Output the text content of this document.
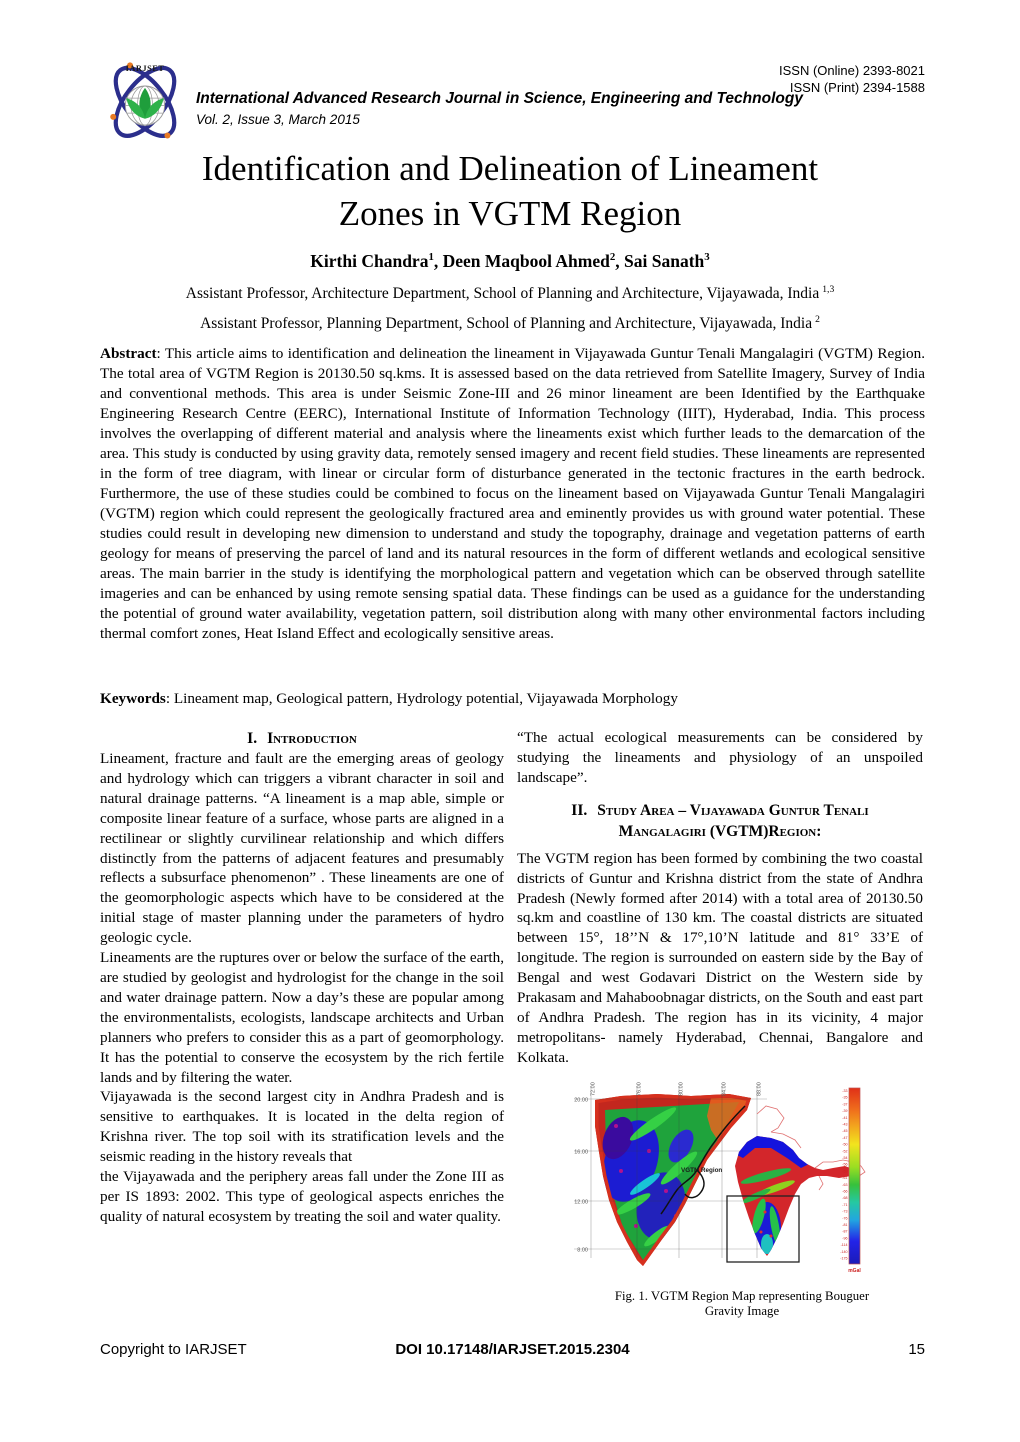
IARJSET	ISSN (Online) 2393-8021
ISSN (Print) 2394-1588
International Advanced Research Journal in Science, Engineering and Technology
Vol. 2, Issue 3, March 2015
Identification and Delineation of Lineament Zones in VGTM Region
Kirthi Chandra$^1$, Deen Maqbool Ahmed$^2$, Sai Sanath$^3$
Assistant Professor, Architecture Department, School of Planning and Architecture, Vijayawada, India $^{1,3}$
Assistant Professor, Planning Department, School of Planning and Architecture, Vijayawada, India $^2$
Abstract: This article aims to identification and delineation the lineament in Vijayawada Guntur Tenali Mangalagiri (VGTM) Region. The total area of VGTM Region is 20130.50 sq.kms. It is assessed based on the data retrieved from Satellite Imagery, Survey of India and conventional methods. This area is under Seismic Zone-III and 26 minor lineament are been Identified by the Earthquake Engineering Research Centre (EERC), International Institute of Information Technology (IIIT), Hyderabad, India. This process involves the overlapping of different material and analysis where the lineaments exist which further leads to the demarcation of the area. This study is conducted by using gravity data, remotely sensed imagery and recent field studies. These lineaments are represented in the form of tree diagram, with linear or circular form of disturbance generated in the tectonic fractures in the earth bedrock. Furthermore, the use of these studies could be combined to focus on the lineament based on Vijayawada Guntur Tenali Mangalagiri (VGTM) region which could represent the geologically fractured area and eminently provides us with ground water potential. These studies could result in developing new dimension to understand and study the topography, drainage and vegetation patterns of earth geology for means of preserving the parcel of land and its natural resources in the form of different wetlands and ecological sensitive areas. The main barrier in the study is identifying the morphological pattern and vegetation which can be observed through satellite imageries and can be enhanced by using remote sensing spatial data. These findings can be used as a guidance for the understanding the potential of ground water availability, vegetation pattern, soil distribution along with many other environmental factors including thermal comfort zones, Heat Island Effect and ecologically sensitive areas.
Keywords: Lineament map, Geological pattern, Hydrology potential, Vijayawada Morphology
I. Introduction

Lineament, fracture and fault are the emerging areas of geology and hydrology which can triggers a vibrant character in soil and natural drainage patterns. “A lineament is a map able, simple or composite linear feature of a surface, whose parts are aligned in a rectilinear or slightly curvilinear relationship and which differs distinctly from the patterns of adjacent features and presumably reflects a subsurface phenomenon” . These lineaments are one of the geomorphologic aspects which have to be considered at the initial stage of master planning under the parameters of hydro geologic cycle.

Lineaments are the ruptures over or below the surface of the earth, are studied by geologist and hydrologist for the change in the soil and water drainage pattern. Now a day’s these are popular among the environmentalists, ecologists, landscape architects and Urban planners who prefers to consider this as a part of geomorphology. It has the potential to conserve the ecosystem by the rich fertile lands and by filtering the water.

Vijayawada is the second largest city in Andhra Pradesh and is sensitive to earthquakes. It is located in the delta region of Krishna river. The top soil with its stratification levels and the seismic reading in the history reveals that

the Vijayawada and the periphery areas fall under the Zone III as per IS 1893: 2002. This type of geological aspects enriches the quality of natural ecosystem by treating the soil and water quality.

“The actual ecological measurements can be considered by studying the lineaments and physiology of an unspoiled landscape”.

II. Study Area – Vijayawada Guntur Tenali Mangalagiri (VGTM)Region:

The VGTM region has been formed by combining the two coastal districts of Guntur and Krishna district from the state of Andhra Pradesh (Newly formed after 2014) with a total area of 20130.50 sq.km and coastline of 130 km. The coastal districts are situated between 15°, 18’’N & 17°,10’N latitude and 81° 33’E of longitude. The region is surrounded on eastern side by the Bay of Bengal and west Godavari District on the Western side by Prakasam and Mahaboobnagar districts, on the South and east part of Andhra Pradesh. The region has in its vicinity, 4 major metropolitans- namely Hyderabad, Chennai, Bangalore and Kolkata.

VGTM Region
72.00	76.00	80.00	84.00	88.00
20.00
16.00
12.00
8.00
-33
-35
-37
-39
-41
-43
-45
-47
-50
-52
-54
-56
-59
-61
-63
-66
-68
-71
-73
-76
-81
-87
-96
-114
-140
-175
mGal
Fig. 1. VGTM Region Map representing Bouguer
Gravity Image
Copyright to IARJSET	DOI 10.17148/IARJSET.2015.2304	15
